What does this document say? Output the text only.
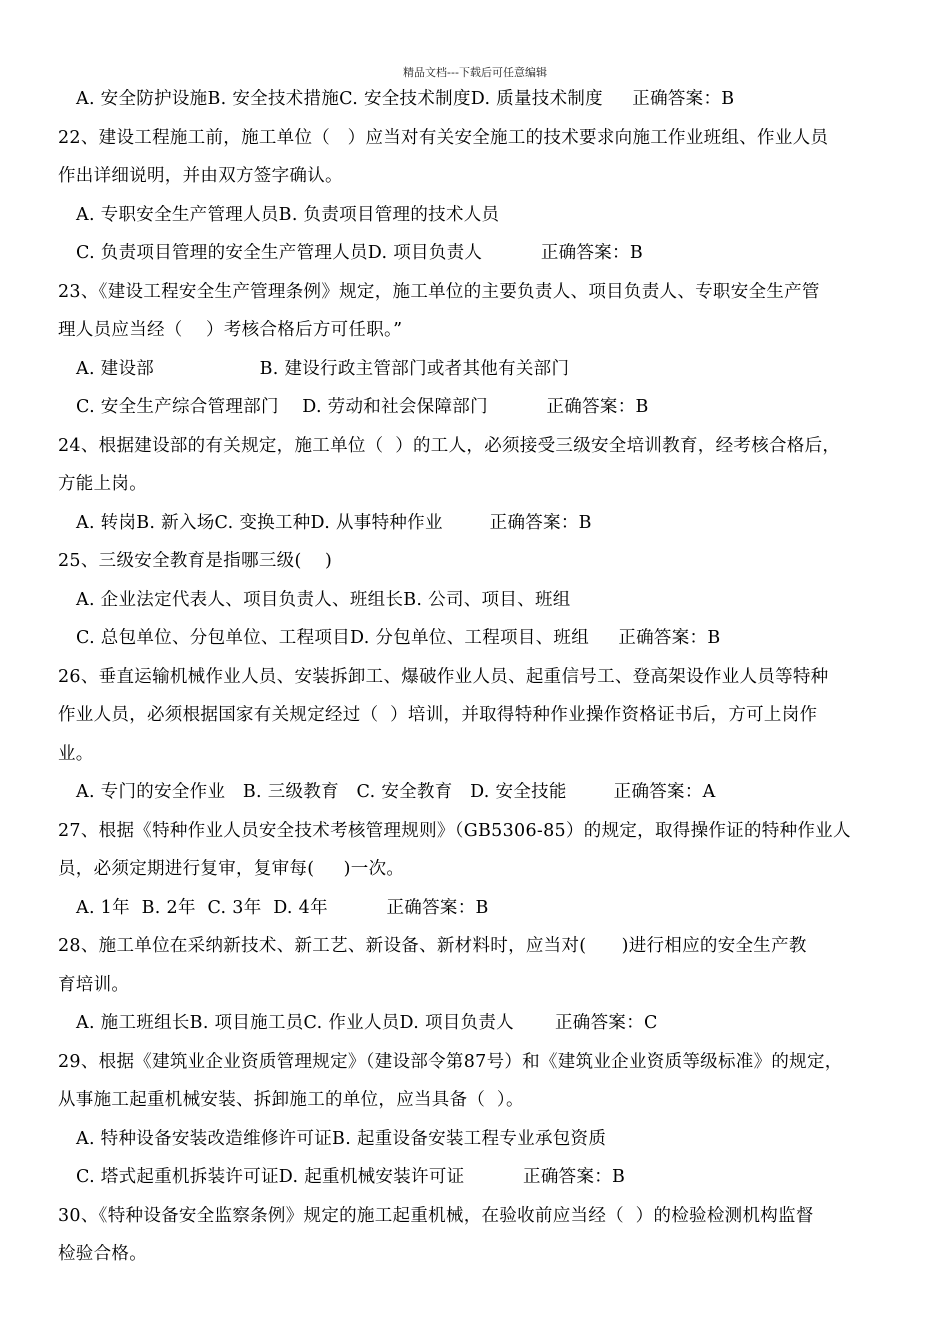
精品文档---下载后可任意编辑
A. 安全防护设施B. 安全技术措施C. 安全技术制度D. 质量技术制度     正确答案：B
22、建设工程施工前，施工单位（   ）应当对有关安全施工的技术要求向施工作业班组、作业人员
作出详细说明，并由双方签字确认。
A. 专职安全生产管理人员B. 负责项目管理的技术人员
C. 负责项目管理的安全生产管理人员D. 项目负责人          正确答案：B
23、《建设工程安全生产管理条例》规定，施工单位的主要负责人、项目负责人、专职安全生产管
理人员应当经（    ）考核合格后方可任职。”
A. 建设部                  B. 建设行政主管部门或者其他有关部门
C. 安全生产综合管理部门    D. 劳动和社会保障部门          正确答案：B
24、根据建设部的有关规定，施工单位（  ）的工人，必须接受三级安全培训教育，经考核合格后，
方能上岗。
A. 转岗B. 新入场C. 变换工种D. 从事特种作业        正确答案：B
25、三级安全教育是指哪三级(    )
A. 企业法定代表人、项目负责人、班组长B. 公司、项目、班组
C. 总包单位、分包单位、工程项目D. 分包单位、工程项目、班组     正确答案：B
26、垂直运输机械作业人员、安装拆卸工、爆破作业人员、起重信号工、登高架设作业人员等特种
作业人员，必须根据国家有关规定经过（  ）培训，并取得特种作业操作资格证书后，方可上岗作
业。
A. 专门的安全作业   B. 三级教育   C. 安全教育   D. 安全技能        正确答案：A
27、根据《特种作业人员安全技术考核管理规则》（GB5306-85）的规定，取得操作证的特种作业人
员，必须定期进行复审，复审每(     )一次。
A. 1年  B. 2年  C. 3年  D. 4年          正确答案：B
28、施工单位在采纳新技术、新工艺、新设备、新材料时，应当对(      )进行相应的安全生产教
育培训。
A. 施工班组长B. 项目施工员C. 作业人员D. 项目负责人       正确答案：C
29、根据《建筑业企业资质管理规定》（建设部令第87号）和《建筑业企业资质等级标准》的规定，
从事施工起重机械安装、拆卸施工的单位，应当具备（  ）。
A. 特种设备安装改造维修许可证B. 起重设备安装工程专业承包资质
C. 塔式起重机拆装许可证D. 起重机械安装许可证          正确答案：B
30、《特种设备安全监察条例》规定的施工起重机械，在验收前应当经（  ）的检验检测机构监督
检验合格。
